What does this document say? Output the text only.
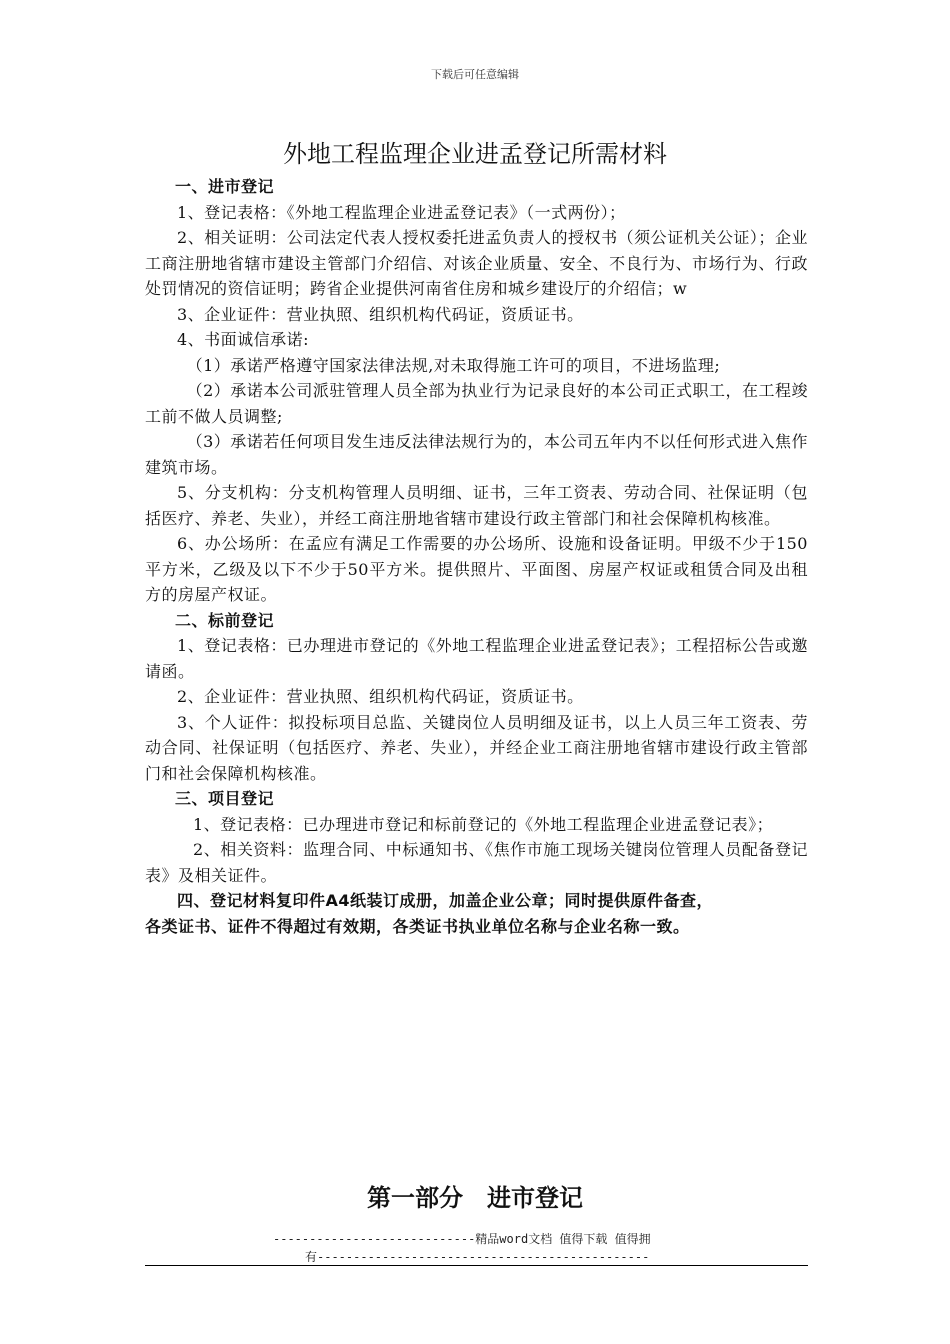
下载后可任意编辑
外地工程监理企业进孟登记所需材料

一、进市登记

1、登记表格：《外地工程监理企业进孟登记表》（一式两份）；

2、相关证明：公司法定代表人授权委托进孟负责人的授权书（须公证机关公证）；企业工商注册地省辖市建设主管部门介绍信、对该企业质量、安全、不良行为、市场行为、行政处罚情况的资信证明；跨省企业提供河南省住房和城乡建设厅的介绍信；w

3、企业证件：营业执照、组织机构代码证，资质证书。

4、书面诚信承诺:

（1）承诺严格遵守国家法律法规,对未取得施工许可的项目，不进场监理;

（2）承诺本公司派驻管理人员全部为执业行为记录良好的本公司正式职工，在工程竣工前不做人员调整;

（3）承诺若任何项目发生违反法律法规行为的，本公司五年内不以任何形式进入焦作建筑市场。

5、分支机构：分支机构管理人员明细、证书，三年工资表、劳动合同、社保证明（包括医疗、养老、失业），并经工商注册地省辖市建设行政主管部门和社会保障机构核准。

6、办公场所：在孟应有满足工作需要的办公场所、设施和设备证明。甲级不少于150平方米，乙级及以下不少于50平方米。提供照片、平面图、房屋产权证或租赁合同及出租方的房屋产权证。

二、标前登记

1、登记表格：已办理进市登记的《外地工程监理企业进孟登记表》；工程招标公告或邀请函。

2、企业证件：营业执照、组织机构代码证，资质证书。

3、个人证件：拟投标项目总监、关键岗位人员明细及证书，以上人员三年工资表、劳动合同、社保证明（包括医疗、养老、失业），并经企业工商注册地省辖市建设行政主管部门和社会保障机构核准。

三、项目登记

1、登记表格：已办理进市登记和标前登记的《外地工程监理企业进孟登记表》；

2、相关资料：监理合同、中标通知书、《焦作市施工现场关键岗位管理人员配备登记表》及相关证件。

四、登记材料复印件A4纸装订成册，加盖企业公章；同时提供原件备查，
各类证书、证件不得超过有效期，各类证书执业单位名称与企业名称一致。

第一部分　进市登记
----------------------------精品word文档 值得下载 值得拥
有----------------------------------------------
